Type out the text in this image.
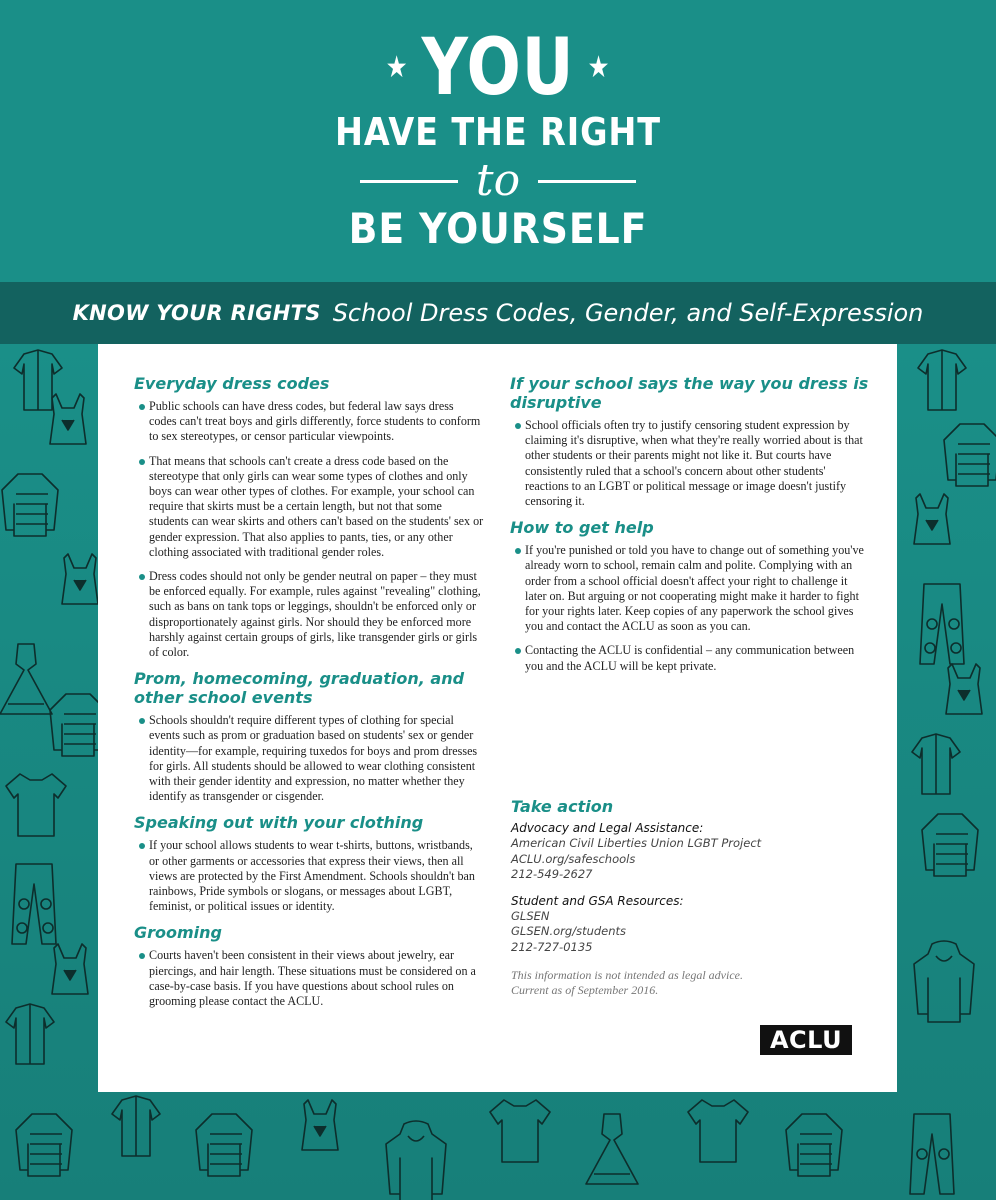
★ YOU ★
HAVE THE RIGHT
to
BE YOURSELF
KNOW YOUR RIGHTS School Dress Codes, Gender, and Self-Expression
Everyday dress codes
Public schools can have dress codes, but federal law says dress codes can't treat boys and girls differently, force students to conform to sex stereotypes, or censor particular viewpoints.
That means that schools can't create a dress code based on the stereotype that only girls can wear some types of clothes and only boys can wear other types of clothes. For example, your school can require that skirts must be a certain length, but not that some students can wear skirts and others can't based on the students' sex or gender expression. That also applies to pants, ties, or any other clothing associated with traditional gender roles.
Dress codes should not only be gender neutral on paper – they must be enforced equally. For example, rules against "revealing" clothing, such as bans on tank tops or leggings, shouldn't be enforced only or disproportionately against girls. Nor should they be enforced more harshly against certain groups of girls, like transgender girls or girls of color.
Prom, homecoming, graduation, and other school events
Schools shouldn't require different types of clothing for special events such as prom or graduation based on students' sex or gender identity—for example, requiring tuxedos for boys and prom dresses for girls. All students should be allowed to wear clothing consistent with their gender identity and expression, no matter whether they identify as transgender or cisgender.
Speaking out with your clothing
If your school allows students to wear t-shirts, buttons, wristbands, or other garments or accessories that express their views, then all views are protected by the First Amendment. Schools shouldn't ban rainbows, Pride symbols or slogans, or messages about LGBT, feminist, or political issues or identity.
Grooming
Courts haven't been consistent in their views about jewelry, ear piercings, and hair length. These situations must be considered on a case-by-case basis. If you have questions about school rules on grooming please contact the ACLU.
If your school says the way you dress is disruptive
School officials often try to justify censoring student expression by claiming it's disruptive, when what they're really worried about is that other students or their parents might not like it. But courts have consistently ruled that a school's concern about other students' reactions to an LGBT or political message or image doesn't justify censoring it.
How to get help
If you're punished or told you have to change out of something you've already worn to school, remain calm and polite. Complying with an order from a school official doesn't affect your right to challenge it later on. But arguing or not cooperating might make it harder to fight for your rights later. Keep copies of any paperwork the school gives you and contact the ACLU as soon as you can.
Contacting the ACLU is confidential – any communication between you and the ACLU will be kept private.
Take action
Advocacy and Legal Assistance:
American Civil Liberties Union LGBT Project
ACLU.org/safeschools
212-549-2627
Student and GSA Resources:
GLSEN
GLSEN.org/students
212-727-0135
This information is not intended as legal advice.
Current as of September 2016.
ACLU
